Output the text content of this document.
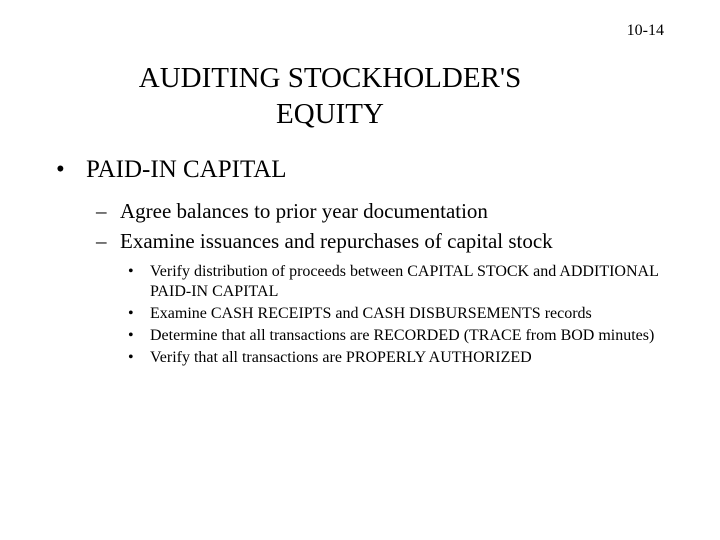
10-14
AUDITING STOCKHOLDER'S
EQUITY
• PAID-IN CAPITAL
– Agree balances to prior year documentation
– Examine issuances and repurchases of capital stock
• Verify distribution of proceeds between CAPITAL STOCK and ADDITIONAL PAID-IN CAPITAL
• Examine CASH RECEIPTS and CASH DISBURSEMENTS records
• Determine that all transactions are RECORDED (TRACE from BOD minutes)
• Verify that all transactions are PROPERLY AUTHORIZED
